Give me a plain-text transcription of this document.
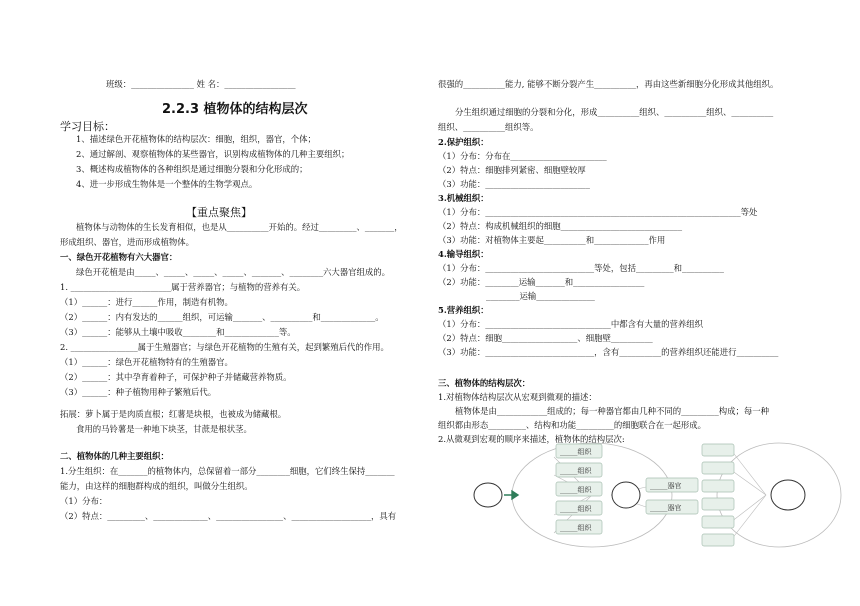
班级：_______________ 姓 名：_________________
2.2.3 植物体的结构层次
学习目标：
1、描述绿色开花植物体的结构层次：细胞，组织，器官，个体；
2、通过解剖、观察植物体的某些器官，识别构成植物体的几种主要组织；
3、概述构成植物体的各种组织是通过细胞分裂和分化形成的；
4、进一步形成生物体是一个整体的生物学观点。
【重点聚焦】
植物体与动物体的生长发育相似，也是从__________开始的。经过_________、_______，
形成组织、器官，进而形成植物体。
一、绿色开花植物有六大器官：
绿色开花植是由_____、_____、_____、_____、_______、________六大器官组成的。
1. ________________________属于营养器官；与植物的营养有关。
（1）______：进行______作用，制造有机物。
（2）______：内有发达的______组织，可运输_______、__________和_____________。
（3）______：能够从土壤中吸收________和_____________等。
2. ________________属于生殖器官；与绿色开花植物的生殖有关，起到繁殖后代的作用。
（1）______：绿色开花植物特有的生殖器官。
（2）______：其中孕育着种子，可保护种子并储藏营养物质。
（3）______：种子植物用种子繁殖后代。
拓展：萝卜属于是肉质直根；红薯是块根，也被成为储藏根。
食用的马铃薯是一种地下块茎，甘蔗是根状茎。
二、植物体的几种主要组织：
1.分生组织：在_______的植物体内，总保留着一部分________细胞，它们终生保持_______
能力，由这样的细胞群构成的组织，叫做分生组织。
（1）分布：
（2）特点：_________、_____________、________________、___________________，具有
很强的__________能力, 能够不断分裂产生__________，再由这些新细胞分化形成其他组织。
分生组织通过细胞的分裂和分化，形成__________组织、__________组织、__________
组织、__________组织等。
2.保护组织：
（1）分布：分布在_______________________
（2）特点：细胞排列紧密、细胞壁较厚
（3）功能：_________________________
3.机械组织：
（1）分布：_____________________________________________________________等处
（2）特点：构成机械组织的细胞_____________________________
（3）功能：对植物体主要起__________和_____________作用
4.输导组织：
（1）分布：__________________________等处，包括_________和__________
（2）功能：________运输_______和_________________
________运输______________
5.营养组织：
（1）分布：______________________________中都含有大量的营养组织
（2）特点：细胞__________________、细胞壁__________
（3）功能：__________________________，含有__________的营养组织还能进行__________
三、植物体的结构层次：
1.对植物体结构层次从宏观到微观的描述：
植物体是由____________组成的；每一种器官都由几种不同的_________构成；每一种
组织都由形态_________、结构和功能_________的细胞联合在一起形成。
2.从微观到宏观的顺序来描述，植物体的结构层次:
_____组织
_____组织
_____组织
_____组织
_____组织
_____器官
_____器官
